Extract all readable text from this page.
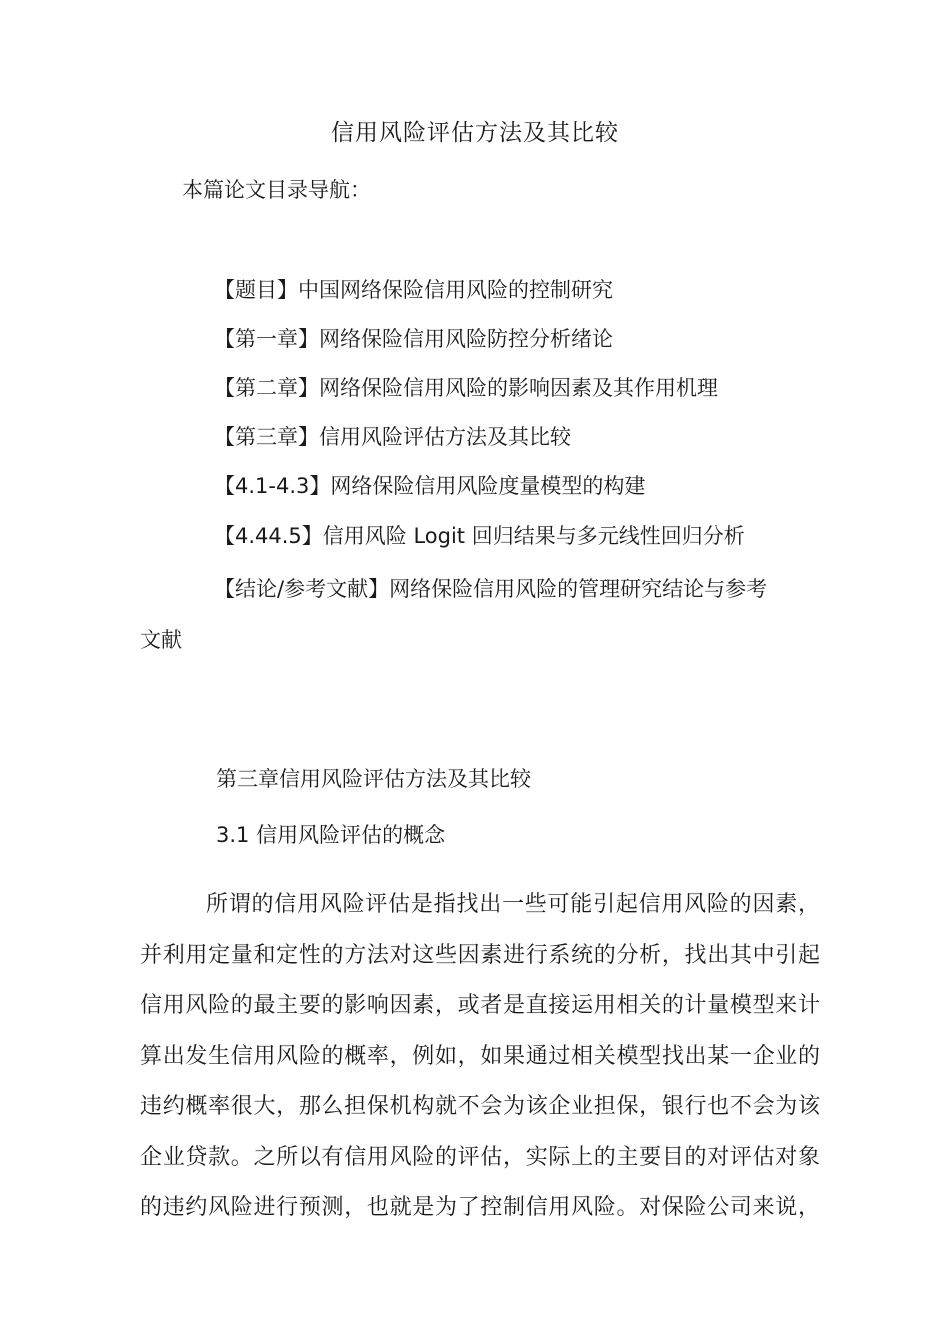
信用风险评估方法及其比较
本篇论文目录导航：
【题目】中国网络保险信用风险的控制研究
【第一章】网络保险信用风险防控分析绪论
【第二章】网络保险信用风险的影响因素及其作用机理
【第三章】信用风险评估方法及其比较
【4.1-4.3】网络保险信用风险度量模型的构建
【4.44.5】信用风险 Logit 回归结果与多元线性回归分析
【结论/参考文献】网络保险信用风险的管理研究结论与参考
文献
第三章信用风险评估方法及其比较
3.1 信用风险评估的概念
所谓的信用风险评估是指找出一些可能引起信用风险的因素，
并利用定量和定性的方法对这些因素进行系统的分析，找出其中引起
信用风险的最主要的影响因素，或者是直接运用相关的计量模型来计
算出发生信用风险的概率，例如，如果通过相关模型找出某一企业的
违约概率很大，那么担保机构就不会为该企业担保，银行也不会为该
企业贷款。之所以有信用风险的评估，实际上的主要目的对评估对象
的违约风险进行预测，也就是为了控制信用风险。对保险公司来说，
